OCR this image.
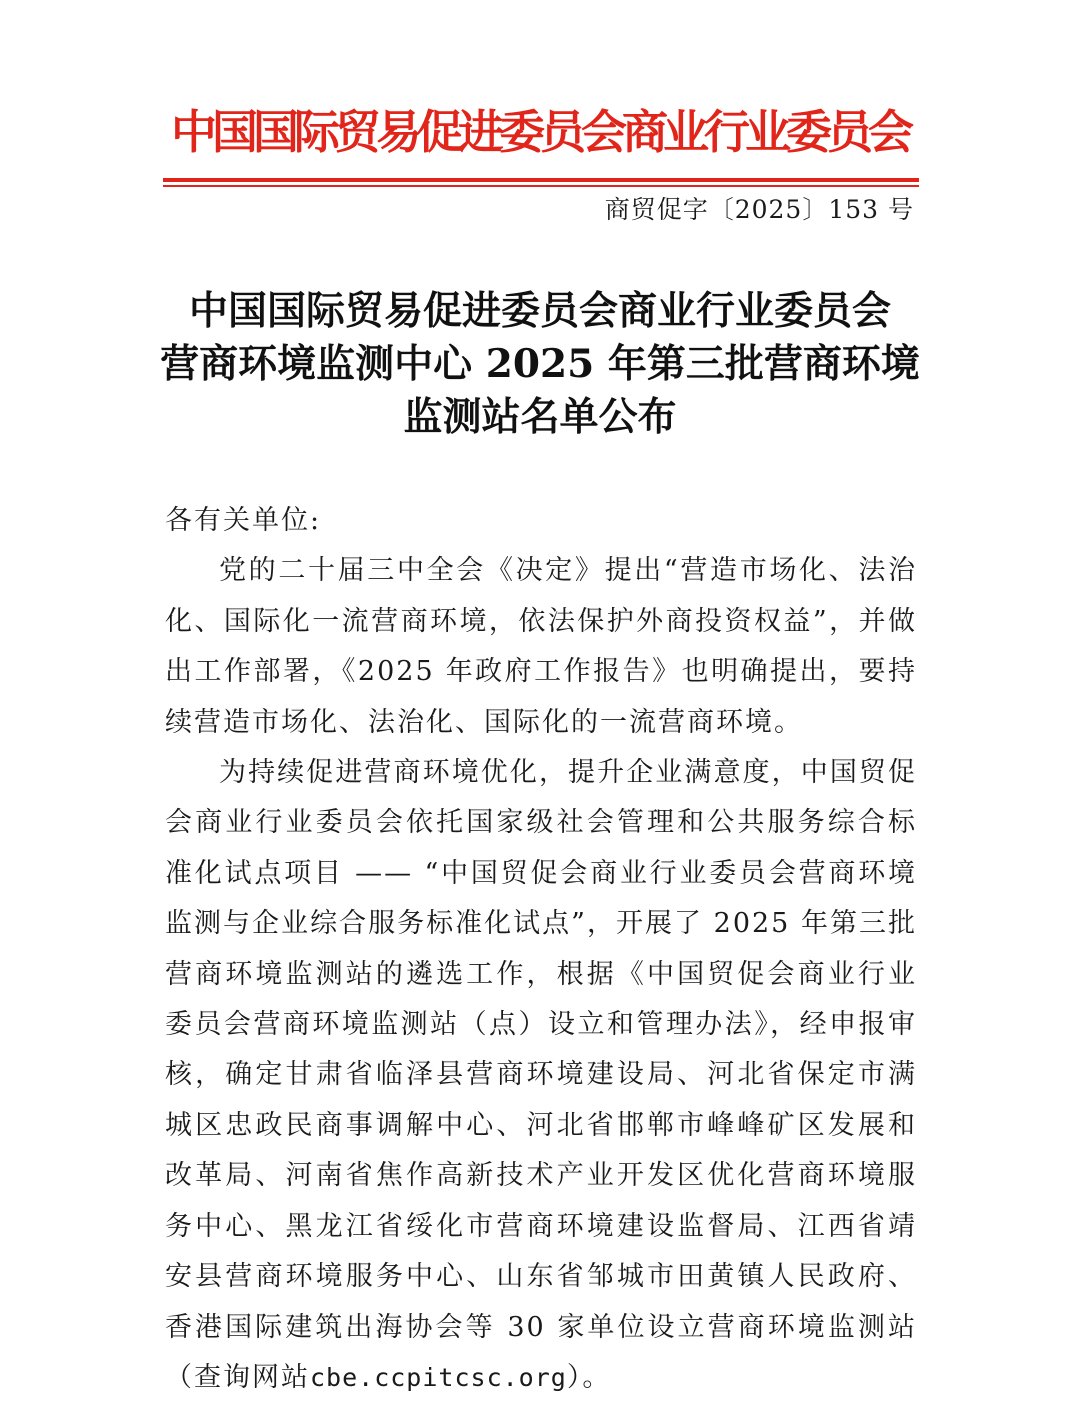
中国国际贸易促进委员会商业行业委员会
商贸促字〔2025〕153 号
中国国际贸易促进委员会商业行业委员会
营商环境监测中心 2025 年第三批营商环境
监测站名单公布

各有关单位:

党的二十届三中全会《决定》提出“营造市场化、法治化、国际化一流营商环境，依法保护外商投资权益”，并做出工作部署，《2025 年政府工作报告》也明确提出，要持续营造市场化、法治化、国际化的一流营商环境。

为持续促进营商环境优化，提升企业满意度，中国贸促会商业行业委员会依托国家级社会管理和公共服务综合标准化试点项目 —— “中国贸促会商业行业委员会营商环境监测与企业综合服务标准化试点”，开展了 2025 年第三批营商环境监测站的遴选工作，根据《中国贸促会商业行业委员会营商环境监测站（点）设立和管理办法》，经申报审核，确定甘肃省临泽县营商环境建设局、河北省保定市满城区忠政民商事调解中心、河北省邯郸市峰峰矿区发展和改革局、河南省焦作高新技术产业开发区优化营商环境服务中心、黑龙江省绥化市营商环境建设监督局、江西省靖安县营商环境服务中心、山东省邹城市田黄镇人民政府、香港国际建筑出海协会等 30 家单位设立营商环境监测站（查询网站cbe.ccpitcsc.org）。
